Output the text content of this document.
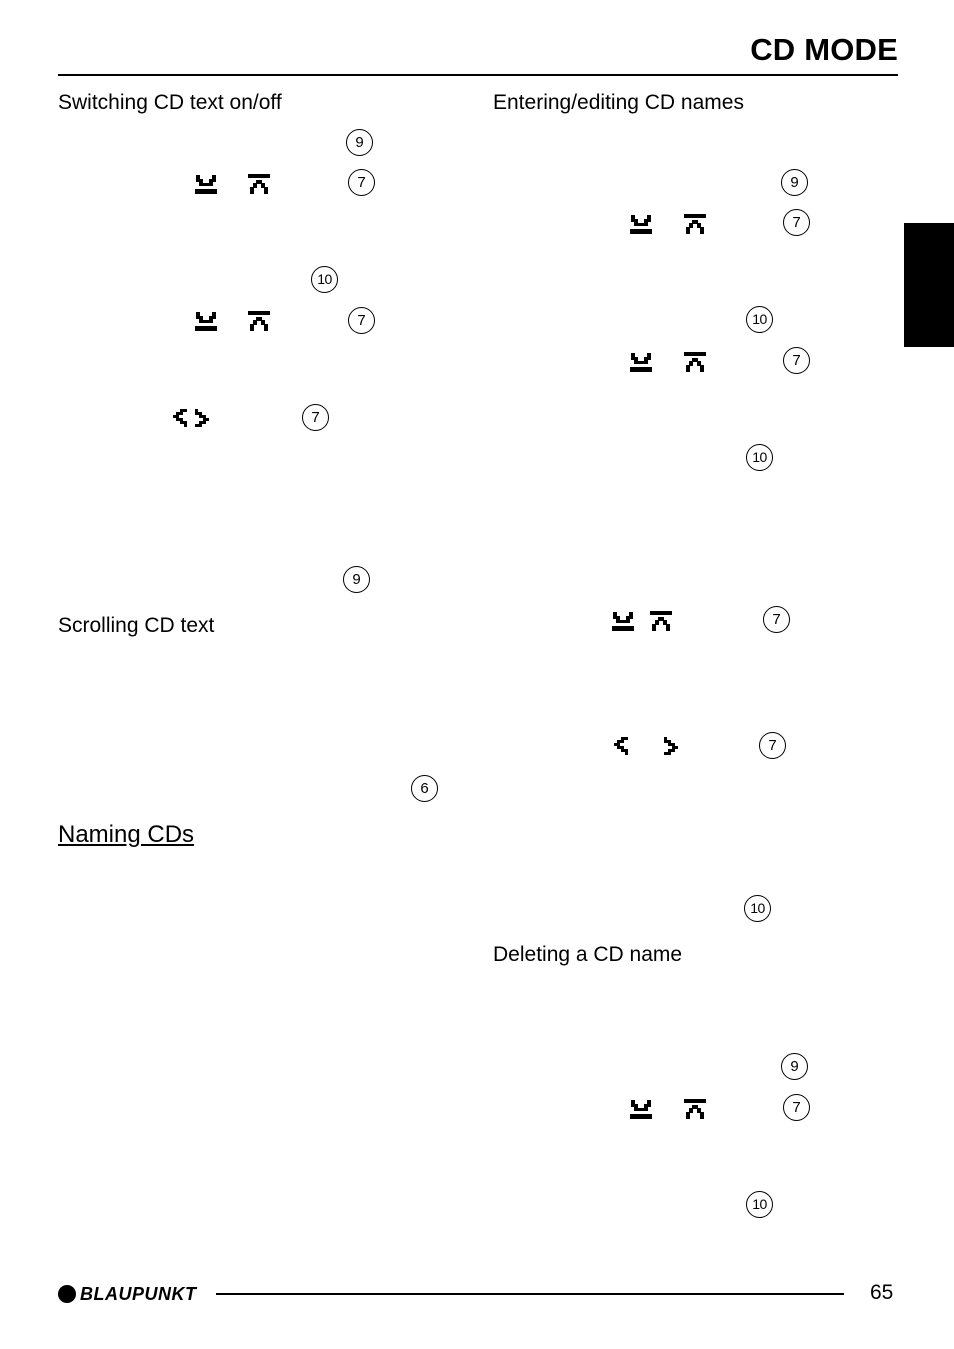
CD MODE
Switching CD text on/off
Scrolling CD text
Naming CDs
Entering/editing CD names
Deleting a CD name
9
7
10
7
7
9
6
9
7
10
7
10
7
7
10
9
7
10
BLAUPUNKT	65
